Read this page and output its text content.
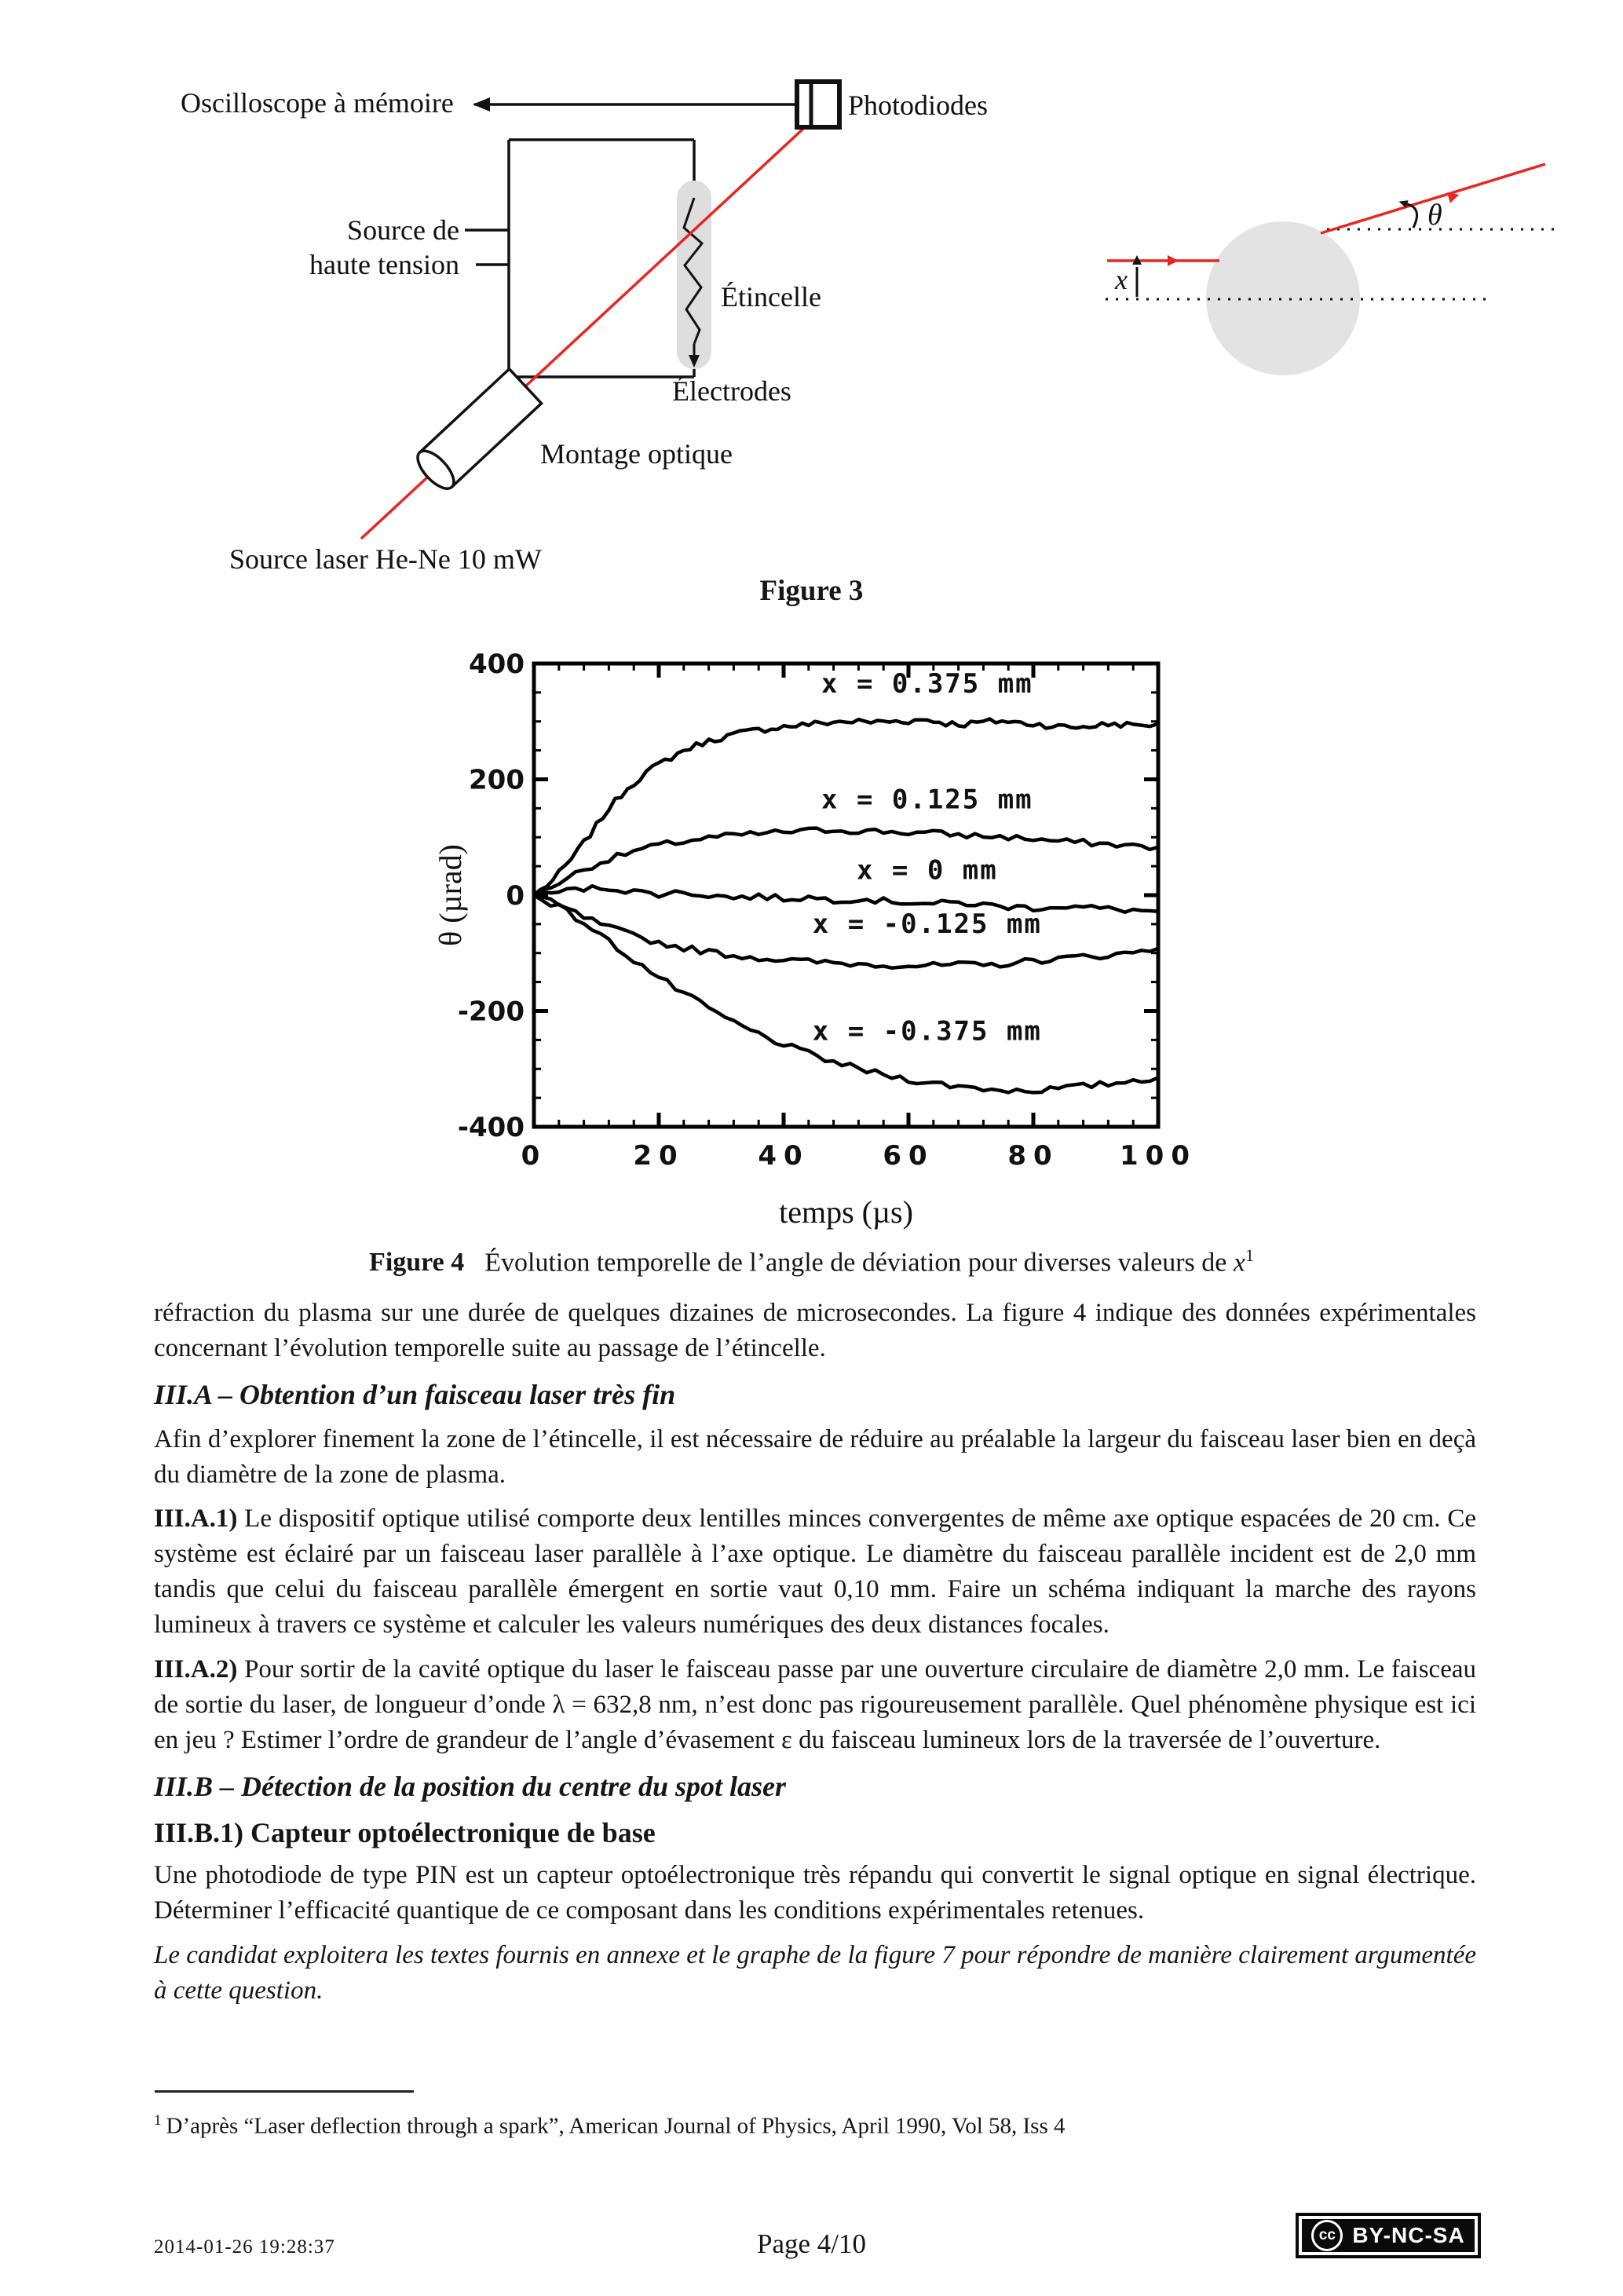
Oscilloscope à mémoire
Source de
haute tension
Étincelle
Électrodes
Montage optique
Source laser He-Ne 10 mW
Photodiodes
x
θ
Figure 3
0	20	40	60	80 100
400
200
0
-200
-400
temps (µs)
θ (µrad)
x = 0.375 mm
x = 0.125 mm
x = 0 mm
x = -0.125 mm
x = -0.375 mm
Figure 4 Évolution temporelle de l’angle de déviation pour diverses valeurs de $x^1$

réfraction du plasma sur une durée de quelques dizaines de microsecondes. La figure 4 indique des données expérimentales concernant l’évolution temporelle suite au passage de l’étincelle.

III.A – Obtention d’un faisceau laser très fin

Afin d’explorer finement la zone de l’étincelle, il est nécessaire de réduire au préalable la largeur du faisceau laser bien en deçà du diamètre de la zone de plasma.

III.A.1) Le dispositif optique utilisé comporte deux lentilles minces convergentes de même axe optique espacées de 20 cm. Ce système est éclairé par un faisceau laser parallèle à l’axe optique. Le diamètre du faisceau parallèle incident est de 2,0 mm tandis que celui du faisceau parallèle émergent en sortie vaut 0,10 mm. Faire un schéma indiquant la marche des rayons lumineux à travers ce système et calculer les valeurs numériques des deux distances focales.

III.A.2) Pour sortir de la cavité optique du laser le faisceau passe par une ouverture circulaire de diamètre 2,0 mm. Le faisceau de sortie du laser, de longueur d’onde λ = 632,8 nm, n’est donc pas rigoureusement parallèle. Quel phénomène physique est ici en jeu ? Estimer l’ordre de grandeur de l’angle d’évasement ε du faisceau lumineux lors de la traversée de l’ouverture.

III.B – Détection de la position du centre du spot laser
III.B.1) Capteur optoélectronique de base

Une photodiode de type PIN est un capteur optoélectronique très répandu qui convertit le signal optique en signal électrique. Déterminer l’efficacité quantique de ce composant dans les conditions expérimentales retenues.

Le candidat exploitera les textes fournis en annexe et le graphe de la figure 7 pour répondre de manière clairement argumentée à cette question.

$^1$ D’après “Laser deflection through a spark”, American Journal of Physics, April 1990, Vol 58, Iss 4
2014-01-26 19:28:37	Page 4/10	cc BY-NC-SA
